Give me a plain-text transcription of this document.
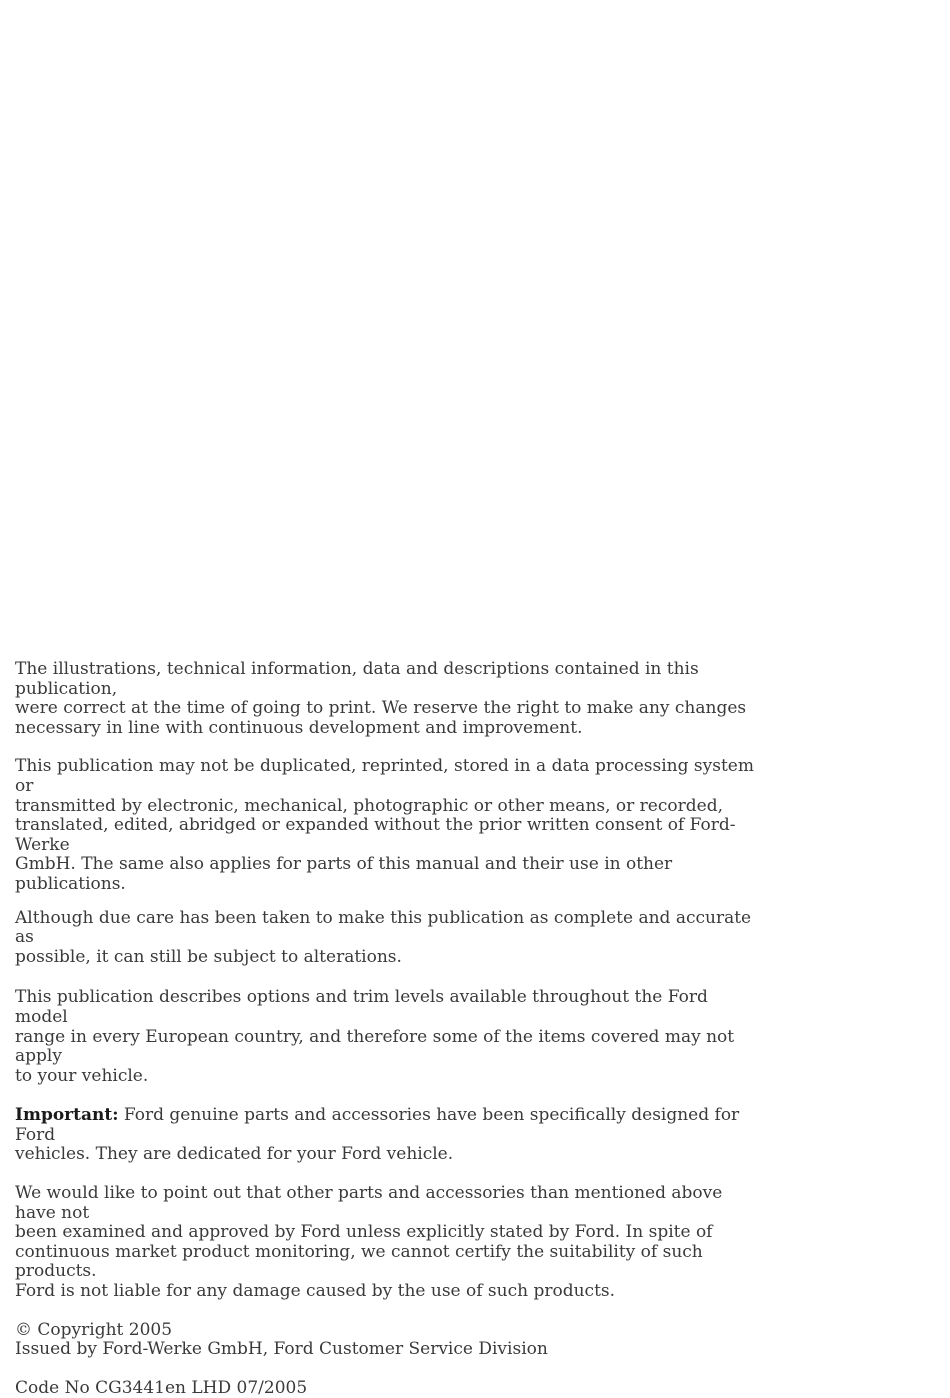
The illustrations, technical information, data and descriptions contained in this publication,
were correct at the time of going to print. We reserve the right to make any changes
necessary in line with continuous development and improvement.

This publication may not be duplicated, reprinted, stored in a data processing system or
transmitted by electronic, mechanical, photographic or other means, or recorded,
translated, edited, abridged or expanded without the prior written consent of Ford-Werke
GmbH. The same also applies for parts of this manual and their use in other publications.

Although due care has been taken to make this publication as complete and accurate as
possible, it can still be subject to alterations.

This publication describes options and trim levels available throughout the Ford model
range in every European country, and therefore some of the items covered may not apply
to your vehicle.

Important: Ford genuine parts and accessories have been specifically designed for Ford
vehicles. They are dedicated for your Ford vehicle.

We would like to point out that other parts and accessories than mentioned above have not
been examined and approved by Ford unless explicitly stated by Ford. In spite of
continuous market product monitoring, we cannot certify the suitability of such products.
Ford is not liable for any damage caused by the use of such products.

© Copyright 2005

Issued by Ford-Werke GmbH, Ford Customer Service Division

Code No CG3441en LHD 07/2005
